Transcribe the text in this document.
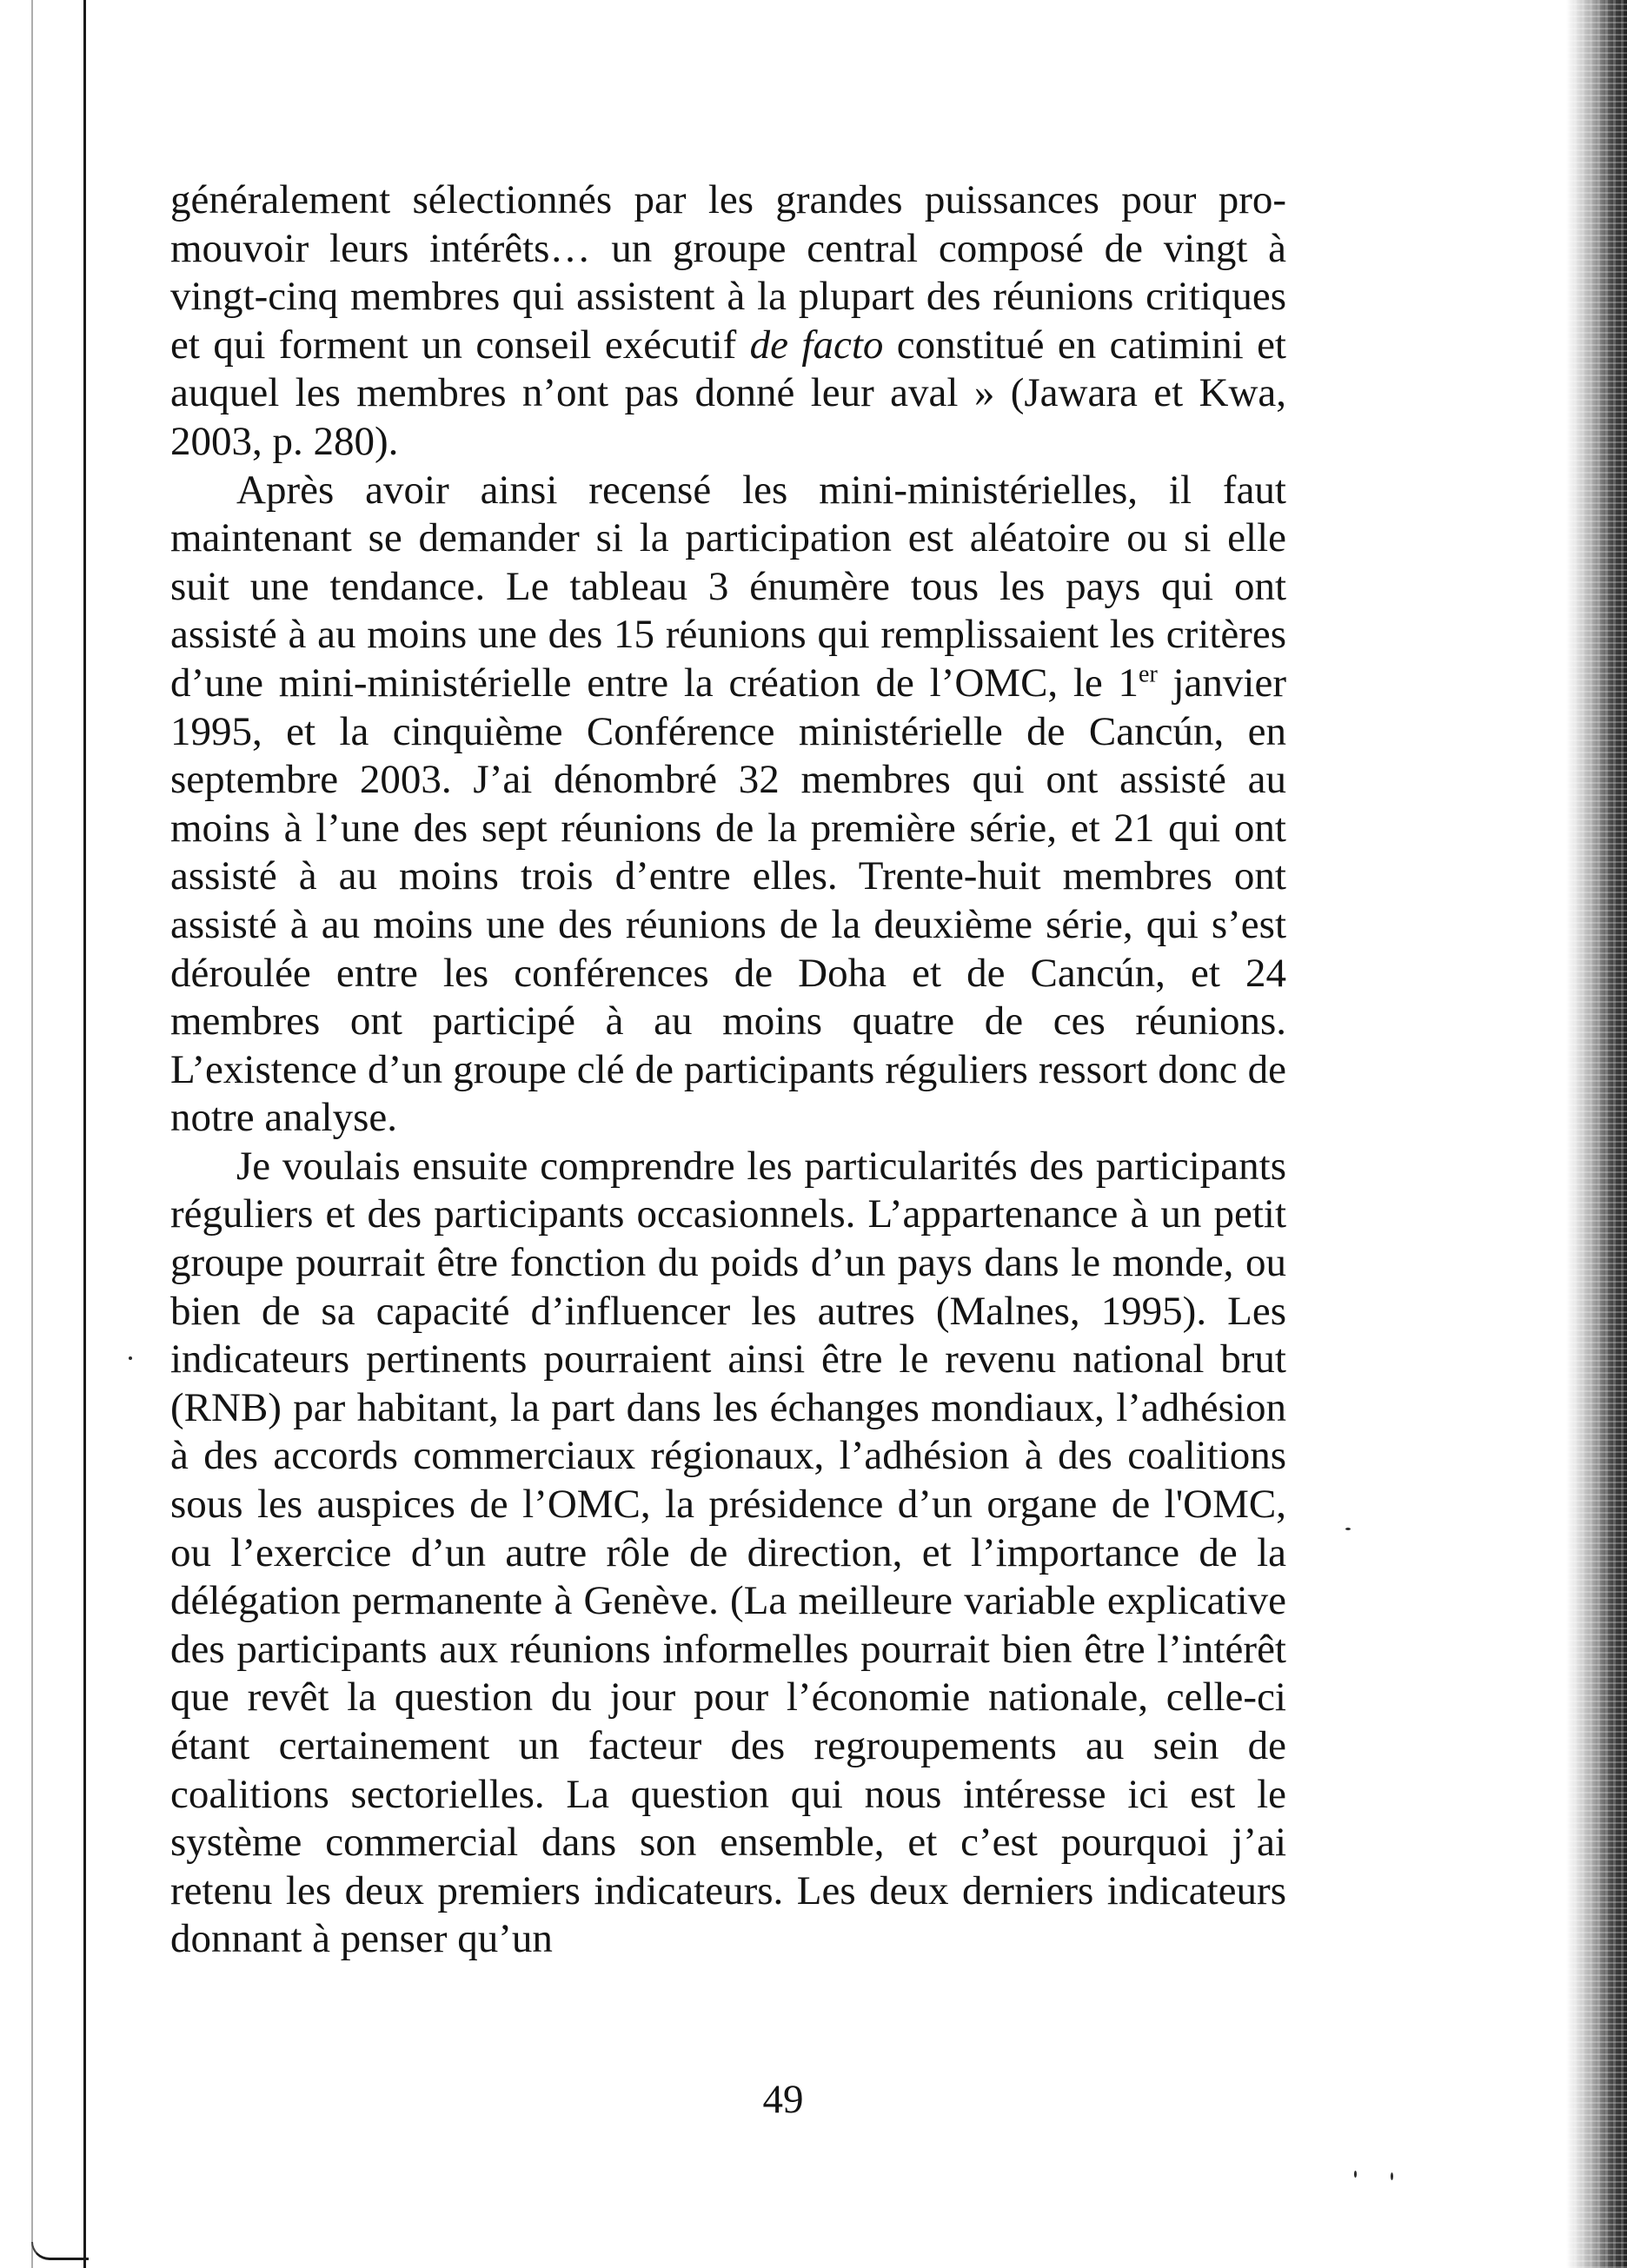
généralement sélectionnés par les grandes puissances pour promouvoir leurs intérêts… un groupe central composé de vingt à vingt-cinq membres qui assistent à la plupart des réunions critiques et qui forment un conseil exécutif de facto constitué en catimini et auquel les membres n’ont pas donné leur aval » (Jawara et Kwa, 2003, p. 280).

Après avoir ainsi recensé les mini-ministérielles, il faut maintenant se demander si la participation est aléatoire ou si elle suit une tendance. Le tableau 3 énumère tous les pays qui ont assisté à au moins une des 15 réunions qui remplissaient les critères d’une mini-ministérielle entre la création de l’OMC, le 1er janvier 1995, et la cinquième Conférence ministérielle de Cancún, en septembre 2003. J’ai dénombré 32 membres qui ont assisté au moins à l’une des sept réunions de la première série, et 21 qui ont assisté à au moins trois d’entre elles. Trente-huit membres ont assisté à au moins une des réunions de la deuxième série, qui s’est déroulée entre les conférences de Doha et de Cancún, et 24 membres ont participé à au moins quatre de ces réunions. L’existence d’un groupe clé de participants réguliers ressort donc de notre analyse.

Je voulais ensuite comprendre les particularités des participants réguliers et des participants occasionnels. L’appartenance à un petit groupe pourrait être fonction du poids d’un pays dans le monde, ou bien de sa capacité d’influencer les autres (Malnes, 1995). Les indicateurs pertinents pourraient ainsi être le revenu national brut (RNB) par habitant, la part dans les échanges mondiaux, l’adhésion à des accords commerciaux régionaux, l’adhésion à des coalitions sous les auspices de l’OMC, la présidence d’un organe de l'OMC, ou l’exercice d’un autre rôle de direction, et l’importance de la délégation permanente à Genève. (La meilleure variable explicative des participants aux réunions informelles pourrait bien être l’intérêt que revêt la question du jour pour l’économie nationale, celle-ci étant certainement un facteur des regroupements au sein de coalitions sectorielles. La question qui nous intéresse ici est le système commercial dans son ensemble, et c’est pourquoi j’ai retenu les deux premiers indicateurs. Les deux derniers indicateurs donnant à penser qu’un

49
